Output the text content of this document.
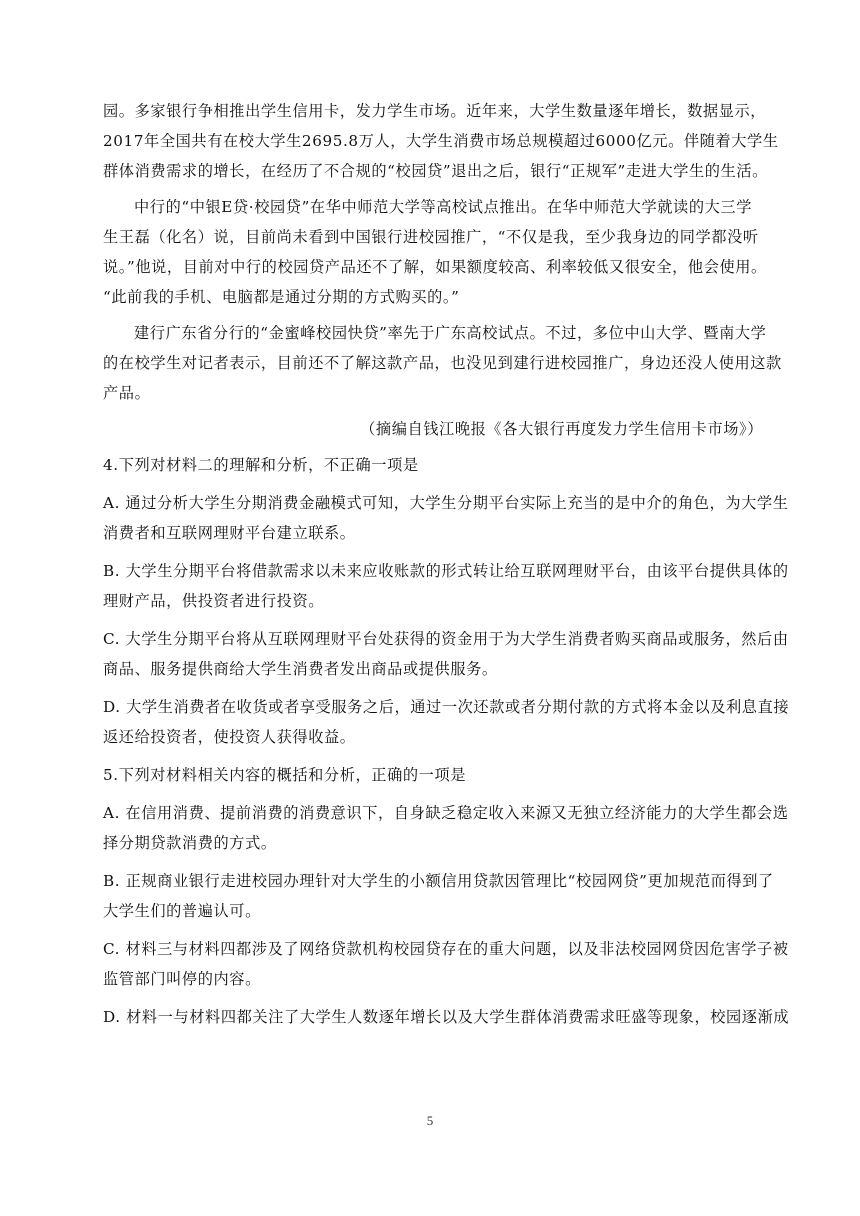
园。多家银行争相推出学生信用卡，发力学生市场。近年来，大学生数量逐年增长，数据显示，
2017年全国共有在校大学生2695.8万人，大学生消费市场总规模超过6000亿元。伴随着大学生
群体消费需求的增长，在经历了不合规的“校园贷”退出之后，银行“正规军”走进大学生的生活。
中行的“中银E贷·校园贷”在华中师范大学等高校试点推出。在华中师范大学就读的大三学
生王磊（化名）说，目前尚未看到中国银行进校园推广，“不仅是我，至少我身边的同学都没听
说。”他说，目前对中行的校园贷产品还不了解，如果额度较高、利率较低又很安全，他会使用。
“此前我的手机、电脑都是通过分期的方式购买的。”
建行广东省分行的“金蜜峰校园快贷”率先于广东高校试点。不过，多位中山大学、暨南大学
的在校学生对记者表示，目前还不了解这款产品，也没见到建行进校园推广，身边还没人使用这款
产品。
（摘编自钱江晚报《各大银行再度发力学生信用卡市场》）
4.下列对材料二的理解和分析，不正确一项是
A. 通过分析大学生分期消费金融模式可知，大学生分期平台实际上充当的是中介的角色，为大学生
消费者和互联网理财平台建立联系。
B. 大学生分期平台将借款需求以未来应收账款的形式转让给互联网理财平台，由该平台提供具体的
理财产品，供投资者进行投资。
C. 大学生分期平台将从互联网理财平台处获得的资金用于为大学生消费者购买商品或服务，然后由
商品、服务提供商给大学生消费者发出商品或提供服务。
D. 大学生消费者在收货或者享受服务之后，通过一次还款或者分期付款的方式将本金以及利息直接
返还给投资者，使投资人获得收益。
5.下列对材料相关内容的概括和分析，正确的一项是
A. 在信用消费、提前消费的消费意识下，自身缺乏稳定收入来源又无独立经济能力的大学生都会选
择分期贷款消费的方式。
B. 正规商业银行走进校园办理针对大学生的小额信用贷款因管理比“校园网贷”更加规范而得到了
大学生们的普遍认可。
C. 材料三与材料四都涉及了网络贷款机构校园贷存在的重大问题，以及非法校园网贷因危害学子被
监管部门叫停的内容。
D. 材料一与材料四都关注了大学生人数逐年增长以及大学生群体消费需求旺盛等现象，校园逐渐成
5
